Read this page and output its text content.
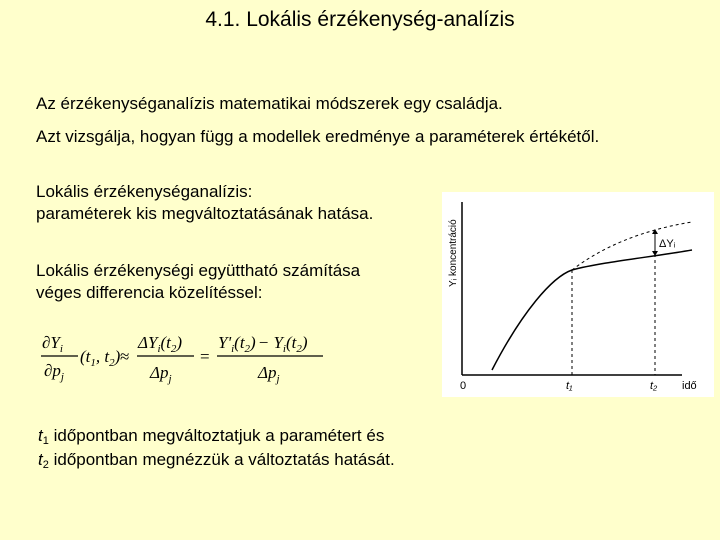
4.1. Lokális érzékenység-analízis
Az érzékenységanalízis matematikai módszerek egy családja.
Azt vizsgálja, hogyan függ a modellek eredménye a paraméterek értékétől.
Lokális érzékenységanalízis:
paraméterek kis megváltoztatásának hatása.
Lokális érzékenységi együttható számítása
véges differencia közelítéssel:
$\partial Y_i$
$\partial p_j$
($t_1$, $t_2$) ≈
$\Delta Y_i(t_2)$
$\Delta p_j$
=
$Y'_i(t_2) - Y_i(t_2)$
$\Delta p_j$
Yᵢ koncentráció
0	t₁	t₂ idő
ΔYᵢ
$t_1$ időpontban megváltoztatjuk a paramétert és
$t_2$ időpontban megnézzük a változtatás hatását.
